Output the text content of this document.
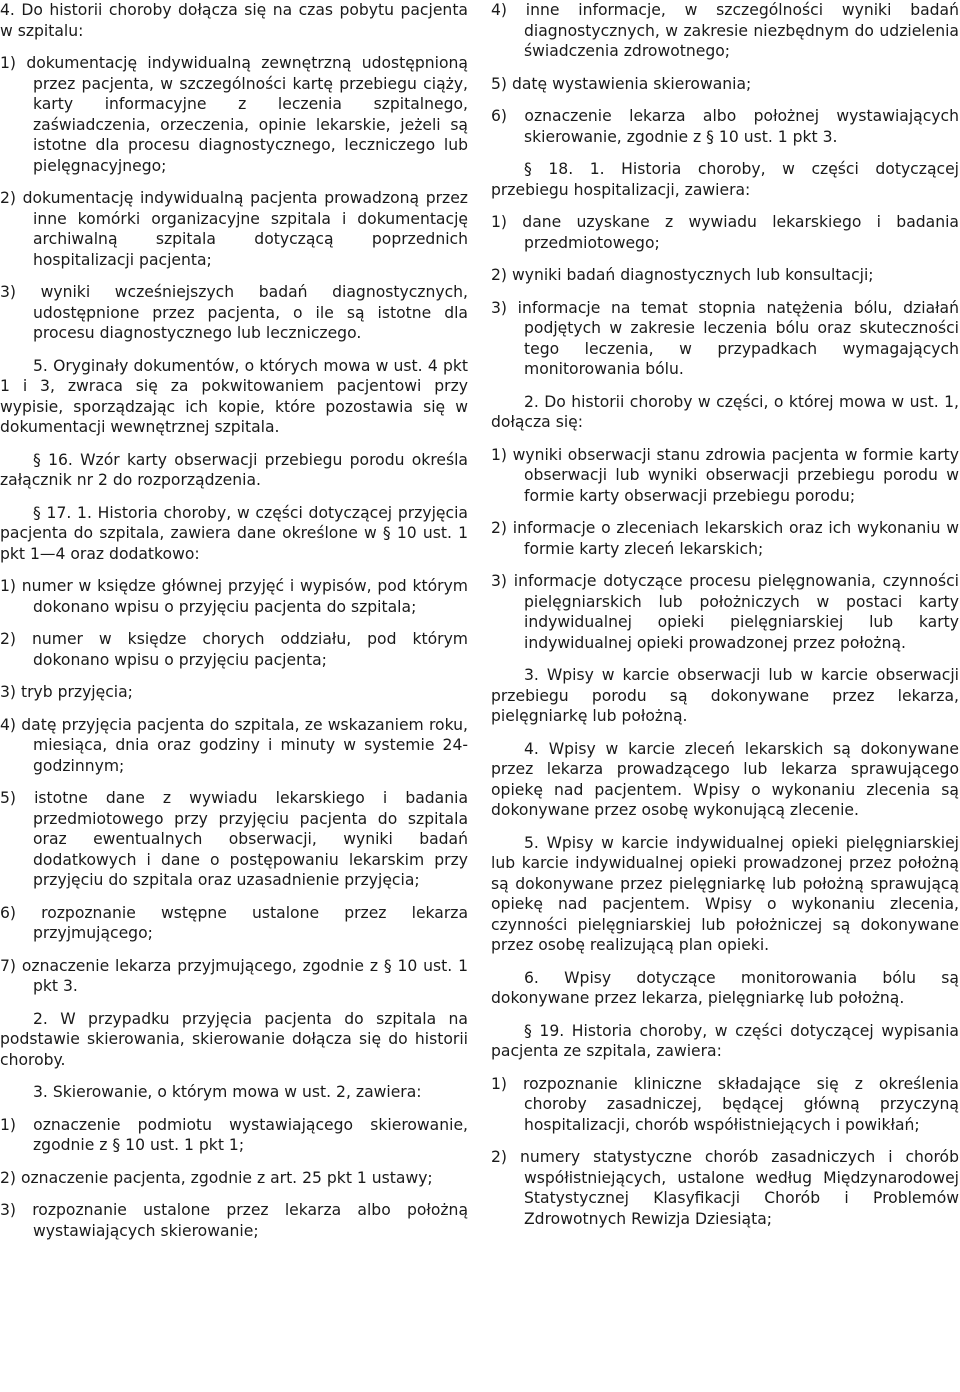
4. Do historii choroby dołącza się na czas pobytu pacjenta w szpitalu:

1) dokumentację indywidualną zewnętrzną udostępnioną przez pacjenta, w szczególności kartę przebiegu ciąży, karty informacyjne z leczenia szpitalnego, zaświadczenia, orzeczenia, opinie lekarskie, jeżeli są istotne dla procesu diagnostycznego, leczniczego lub pielęgnacyjnego;

2) dokumentację indywidualną pacjenta prowadzoną przez inne komórki organizacyjne szpitala i dokumentację archiwalną szpitala dotyczącą poprzednich hospitalizacji pacjenta;

3) wyniki wcześniejszych badań diagnostycznych, udostępnione przez pacjenta, o ile są istotne dla procesu diagnostycznego lub leczniczego.

5. Oryginały dokumentów, o których mowa w ust. 4 pkt 1 i 3, zwraca się za pokwitowaniem pacjentowi przy wypisie, sporządzając ich kopie, które pozostawia się w dokumentacji wewnętrznej szpitala.

§ 16. Wzór karty obserwacji przebiegu porodu określa załącznik nr 2 do rozporządzenia.

§ 17. 1. Historia choroby, w części dotyczącej przyjęcia pacjenta do szpitala, zawiera dane określone w § 10 ust. 1 pkt 1—4 oraz dodatkowo:

1) numer w księdze głównej przyjęć i wypisów, pod którym dokonano wpisu o przyjęciu pacjenta do szpitala;

2) numer w księdze chorych oddziału, pod którym dokonano wpisu o przyjęciu pacjenta;

3) tryb przyjęcia;

4) datę przyjęcia pacjenta do szpitala, ze wskazaniem roku, miesiąca, dnia oraz godziny i minuty w systemie 24-godzinnym;

5) istotne dane z wywiadu lekarskiego i badania przedmiotowego przy przyjęciu pacjenta do szpitala oraz ewentualnych obserwacji, wyniki badań dodatkowych i dane o postępowaniu lekarskim przy przyjęciu do szpitala oraz uzasadnienie przyjęcia;

6) rozpoznanie wstępne ustalone przez lekarza przyjmującego;

7) oznaczenie lekarza przyjmującego, zgodnie z § 10 ust. 1 pkt 3.

2. W przypadku przyjęcia pacjenta do szpitala na podstawie skierowania, skierowanie dołącza się do historii choroby.

3. Skierowanie, o którym mowa w ust. 2, zawiera:

1) oznaczenie podmiotu wystawiającego skierowanie, zgodnie z § 10 ust. 1 pkt 1;

2) oznaczenie pacjenta, zgodnie z art. 25 pkt 1 ustawy;

3) rozpoznanie ustalone przez lekarza albo położną wystawiających skierowanie;

4) inne informacje, w szczególności wyniki badań diagnostycznych, w zakresie niezbędnym do udzielenia świadczenia zdrowotnego;

5) datę wystawienia skierowania;

6) oznaczenie lekarza albo położnej wystawiających skierowanie, zgodnie z § 10 ust. 1 pkt 3.

§ 18. 1. Historia choroby, w części dotyczącej przebiegu hospitalizacji, zawiera:

1) dane uzyskane z wywiadu lekarskiego i badania przedmiotowego;

2) wyniki badań diagnostycznych lub konsultacji;

3) informacje na temat stopnia natężenia bólu, działań podjętych w zakresie leczenia bólu oraz skuteczności tego leczenia, w przypadkach wymagających monitorowania bólu.

2. Do historii choroby w części, o której mowa w ust. 1, dołącza się:

1) wyniki obserwacji stanu zdrowia pacjenta w formie karty obserwacji lub wyniki obserwacji przebiegu porodu w formie karty obserwacji przebiegu porodu;

2) informacje o zleceniach lekarskich oraz ich wykonaniu w formie karty zleceń lekarskich;

3) informacje dotyczące procesu pielęgnowania, czynności pielęgniarskich lub położniczych w postaci karty indywidualnej opieki pielęgniarskiej lub karty indywidualnej opieki prowadzonej przez położną.

3. Wpisy w karcie obserwacji lub w karcie obserwacji przebiegu porodu są dokonywane przez lekarza, pielęgniarkę lub położną.

4. Wpisy w karcie zleceń lekarskich są dokonywane przez lekarza prowadzącego lub lekarza sprawującego opiekę nad pacjentem. Wpisy o wykonaniu zlecenia są dokonywane przez osobę wykonującą zlecenie.

5. Wpisy w karcie indywidualnej opieki pielęgniarskiej lub karcie indywidualnej opieki prowadzonej przez położną są dokonywane przez pielęgniarkę lub położną sprawującą opiekę nad pacjentem. Wpisy o wykonaniu zlecenia, czynności pielęgniarskiej lub położniczej są dokonywane przez osobę realizującą plan opieki.

6. Wpisy dotyczące monitorowania bólu są dokonywane przez lekarza, pielęgniarkę lub położną.

§ 19. Historia choroby, w części dotyczącej wypisania pacjenta ze szpitala, zawiera:

1) rozpoznanie kliniczne składające się z określenia choroby zasadniczej, będącej główną przyczyną hospitalizacji, chorób współistniejących i powikłań;

2) numery statystyczne chorób zasadniczych i chorób współistniejących, ustalone według Międzynarodowej Statystycznej Klasyfikacji Chorób i Problemów Zdrowotnych Rewizja Dziesiąta;
